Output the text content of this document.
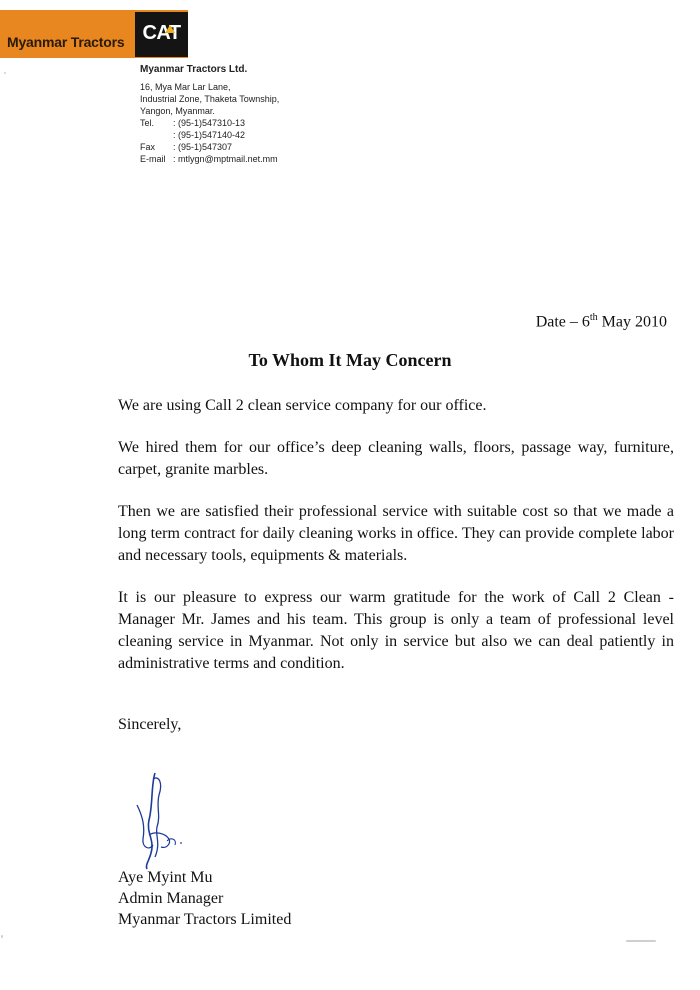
Myanmar Tractors CAT
Myanmar Tractors Ltd.
16, Mya Mar Lar Lane,
Industrial Zone, Thaketa Township,
Yangon, Myanmar.
Tel.	: (95-1)547310-13
: (95-1)547140-42
Fax	: (95-1)547307
E-mail : mtlygn@mptmail.net.mm
Date – 6th May 2010
To Whom It May Concern

We are using Call 2 clean service company for our office.

We hired them for our office’s deep cleaning walls, floors, passage way, furniture, carpet, granite marbles.

Then we are satisfied their professional service with suitable cost so that we made a long term contract for daily cleaning works in office. They can provide complete labor and necessary tools, equipments & materials.

It is our pleasure to express our warm gratitude for the work of Call 2 Clean - Manager Mr. James and his team. This group is only a team of professional level cleaning service in Myanmar. Not only in service but also we can deal patiently in administrative terms and condition.

Sincerely,
Aye Myint Mu
Admin Manager
Myanmar Tractors Limited
